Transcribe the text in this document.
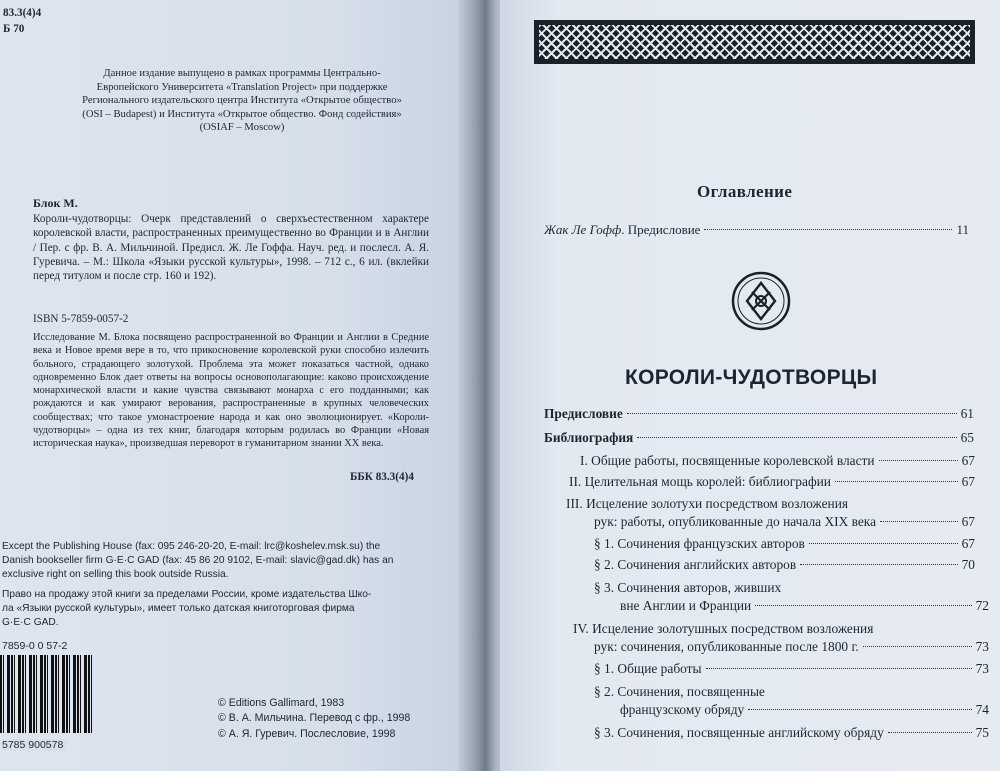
83.3(4)4
Б 70
Данное издание выпущено в рамках программы Центрально-Европейского Университета «Translation Project» при поддержке Регионального издательского центра Института «Открытое общество» (OSI – Budapest) и Института «Открытое общество. Фонд содействия» (OSIAF – Moscow)
Блок М.
Короли-чудотворцы: Очерк представлений о сверхъестественном характере королевской власти, распространенных преимущественно во Франции и в Англии / Пер. с фр. В. А. Мильчиной. Предисл. Ж. Ле Гоффа. Науч. ред. и послесл. А. Я. Гуревича. – М.: Школа «Языки русской культуры», 1998. – 712 с., 6 ил. (вклейки перед титулом и после стр. 160 и 192).
ISBN 5-7859-0057-2
Исследование М. Блока посвящено распространенной во Франции и Англии в Средние века и Новое время вере в то, что прикосновение королевской руки способно излечить больного, страдающего золотухой. Проблема эта может показаться частной, однако одновременно Блок дает ответы на вопросы основополагающие: каково происхождение монархической власти и какие чувства связывают монарха с его подданными; как рождаются и как умирают верования, распространенные в крупных человеческих сообществах; что такое умонастроение народа и как оно эволюционирует. «Короли-чудотворцы» – одна из тех книг, благодаря которым родилась во Франции «Новая историческая наука», произведшая переворот в гуманитарном знании XX века.
ББК 83.3(4)4
Except the Publishing House (fax: 095 246-20-20, E-mail: lrc@koshelev.msk.su) the
Danish bookseller firm G·E·C GAD (fax: 45 86 20 9102, E-mail: slavic@gad.dk) has an
exclusive right on selling this book outside Russia.
Право на продажу этой книги за пределами России, кроме издательства Шко-
ла «Языки русской культуры», имеет только датская книготорговая фирма
G·E·C GAD.
7859-0 0 57-2
5785 900578
© Editions Gallimard, 1983
© В. А. Мильчина. Перевод с фр., 1998
© А. Я. Гуревич. Послесловие, 1998
Оглавление
Жак Ле Гофф. Предисловие	11
КОРОЛИ-ЧУДОТВОРЦЫ
Предисловие	61
Библиография	65
I. Общие работы, посвященные королевской власти	67
II. Целительная мощь королей: библиографии	67
III. Исцеление золотухи посредством возложения
рук: работы, опубликованные до начала XIX века	67
§ 1. Сочинения французских авторов	67
§ 2. Сочинения английских авторов	70
§ 3. Сочинения авторов, живших
вне Англии и Франции	72
IV. Исцеление золотушных посредством возложения
рук: сочинения, опубликованные после 1800 г.	73
§ 1. Общие работы	73
§ 2. Сочинения, посвященные
французскому обряду	74
§ 3. Сочинения, посвященные английскому обряду	75
